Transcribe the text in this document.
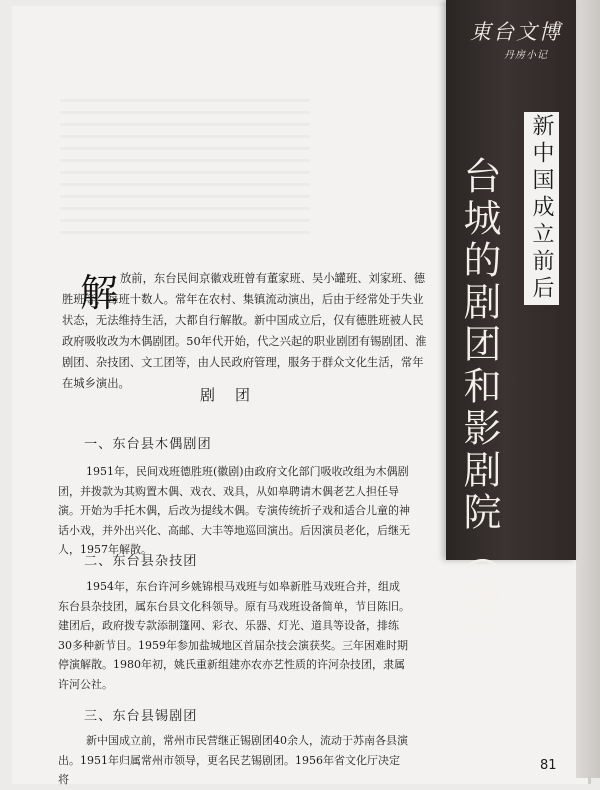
東台文博
丹房小记
新中国成立前后
台城的剧团和影剧院（场）
解 放前，东台民间京徽戏班曾有董家班、吴小罐班、刘家班、德胜班等，每班十数人。常年在农村、集镇流动演出，后由于经常处于失业状态，无法维持生活，大都自行解散。新中国成立后，仅有德胜班被人民政府吸收改为木偶剧团。50年代开始，代之兴起的职业剧团有锡剧团、淮剧团、杂技团、文工团等，由人民政府管理，服务于群众文化生活，常年在城乡演出。
剧团
一、东台县木偶剧团
1951年，民间戏班德胜班(徽剧)由政府文化部门吸收改组为木偶剧团，并拨款为其购置木偶、戏衣、戏具，从如皋聘请木偶老艺人担任导演。开始为手托木偶，后改为提线木偶。专演传统折子戏和适合儿童的神话小戏，并外出兴化、高邮、大丰等地巡回演出。后因演员老化，后继无人，1957年解散。
二、东台县杂技团
1954年，东台许河乡姚锦根马戏班与如皋新胜马戏班合并，组成东台县杂技团，属东台县文化科领导。原有马戏班设备简单，节目陈旧。建团后，政府拨专款添制篷网、彩衣、乐器、灯光、道具等设备，排练30多种新节目。1959年参加盐城地区首届杂技会演获奖。三年困难时期停演解散。1980年初，姚氏重新组建亦农亦艺性质的许河杂技团，隶属许河公社。
三、东台县锡剧团
新中国成立前，常州市民营继正锡剧团40余人，流动于苏南各县演出。1951年归属常州市领导，更名民艺锡剧团。1956年省文化厅决定将
81
